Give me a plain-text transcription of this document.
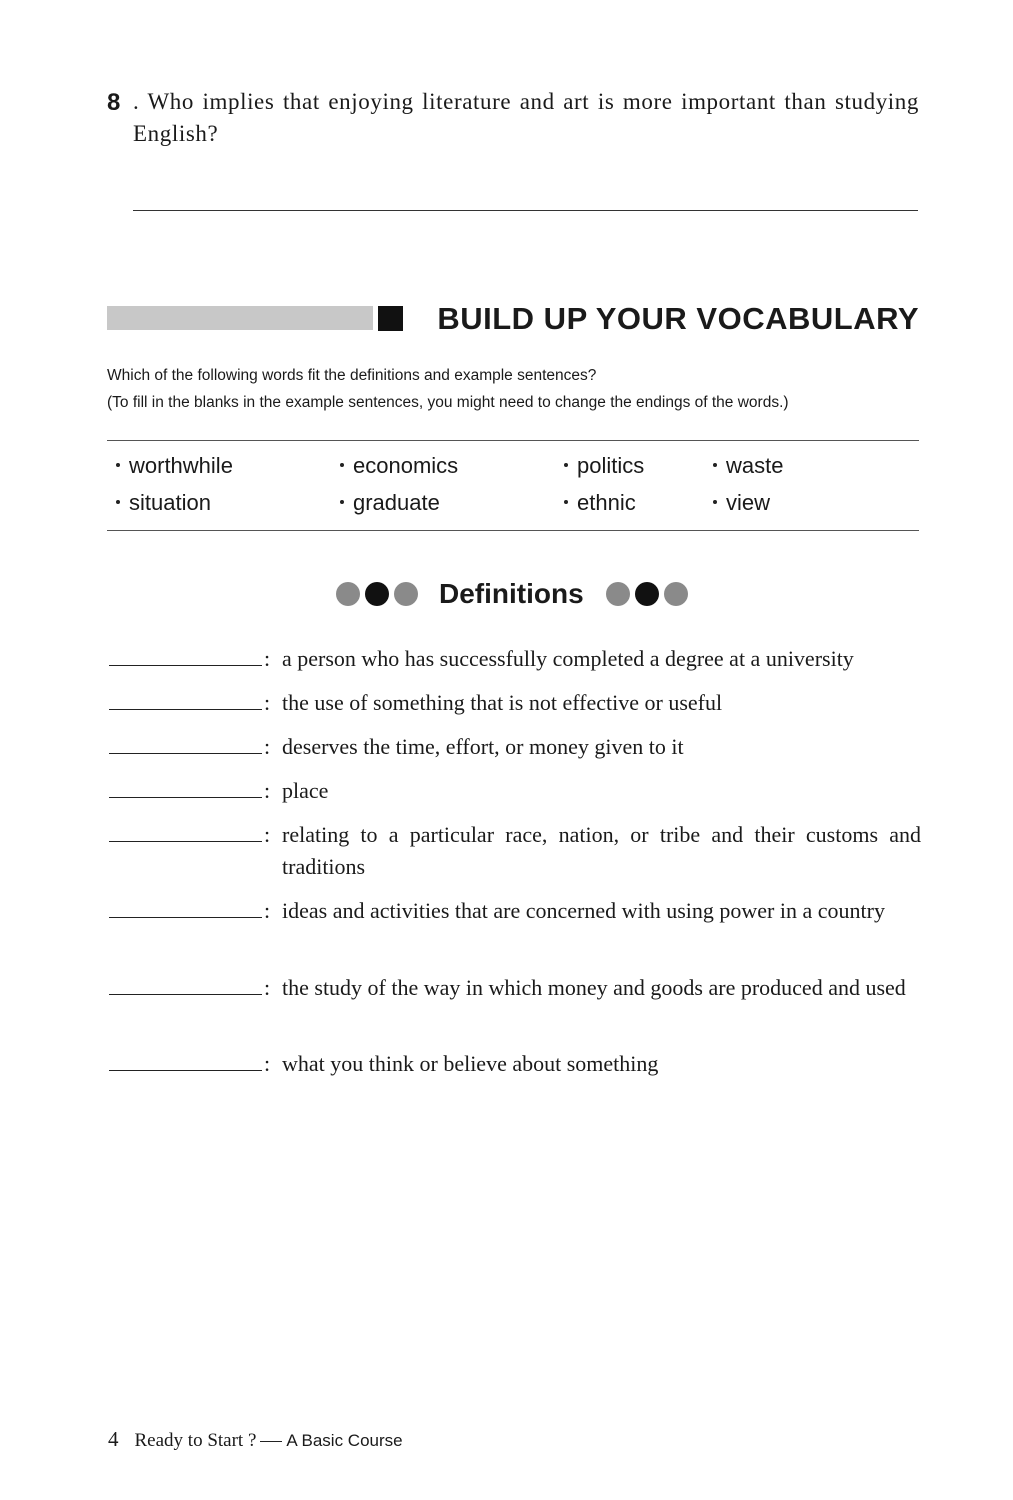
8 . Who implies that enjoying literature and art is more important than studying English?
BUILD UP YOUR VOCABULARY
Which of the following words fit the definitions and example sentences?
(To fill in the blanks in the example sentences, you might need to change the endings of the words.)
worthwhile	economics	politics	waste
situation	graduate	ethnic	view
Definitions
: a person who has successfully completed a degree at a university
: the use of something that is not effective or useful
: deserves the time, effort, or money given to it
: place
: relating to a particular race, nation, or tribe and their customs and traditions
: ideas and activities that are concerned with using power in a country
: the study of the way in which money and goods are produced and used
: what you think or believe about something
4 Ready to Start ? A Basic Course
